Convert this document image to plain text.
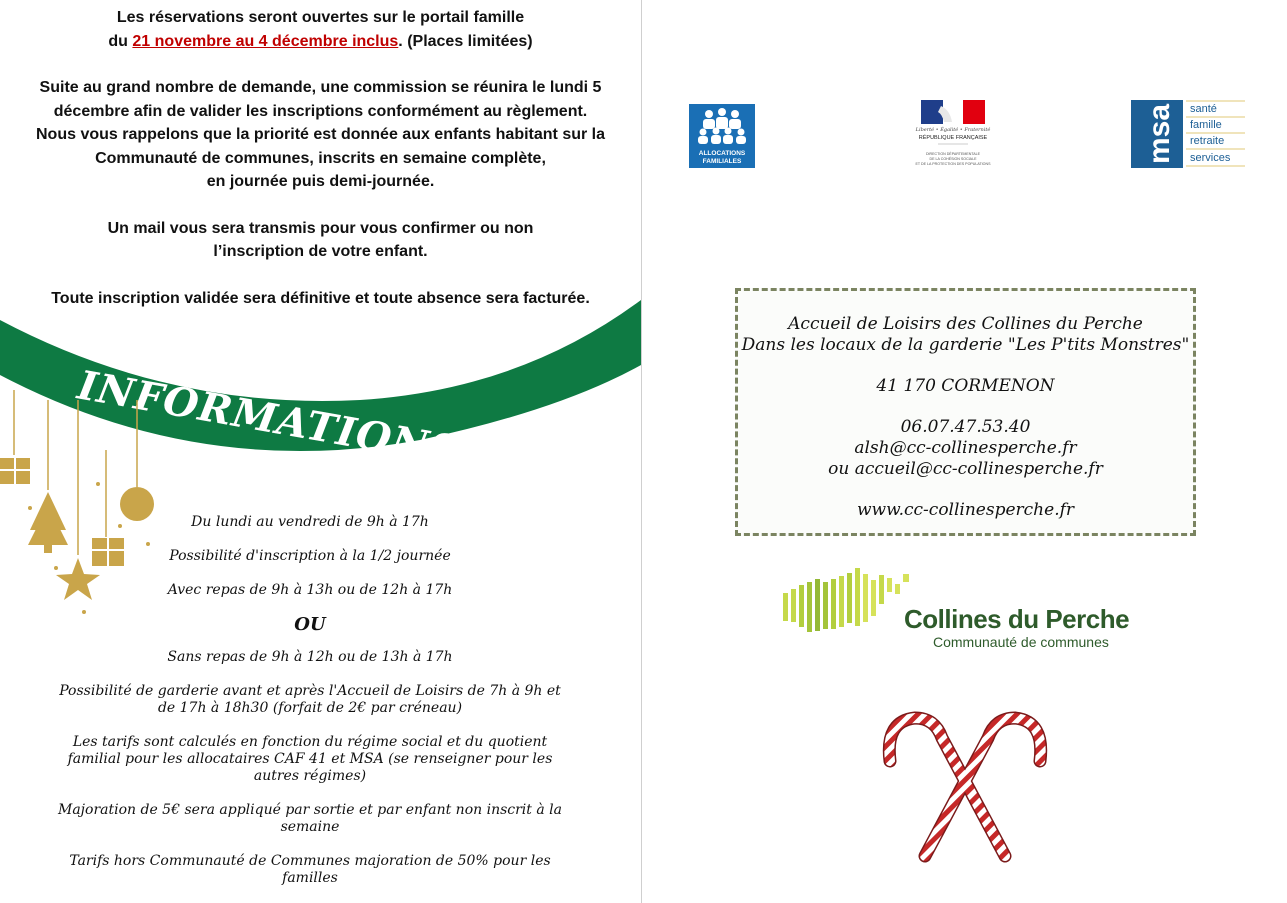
Les réservations seront ouvertes sur le portail famille

du 21 novembre au 4 décembre inclus. (Places limitées)

Suite au grand nombre de demande, une commission se réunira le lundi 5

décembre afin de valider les inscriptions conformément au règlement.

Nous vous rappelons que la priorité est donnée aux enfants habitant sur la

Communauté de communes, inscrits en semaine complète,

en journée puis demi-journée.

Un mail vous sera transmis pour vous confirmer ou non

l’inscription de votre enfant.

Toute inscription validée sera définitive et toute absence sera facturée.

INFORMATIONS
Du lundi au vendredi de 9h à 17h
Possibilité d'inscription à la 1/2 journée
Avec repas de 9h à 13h ou de 12h à 17h
OU
Sans repas de 9h à 12h ou de 13h à 17h
Possibilité de garderie avant et après l'Accueil de Loisirs de 7h à 9h et
de 17h à 18h30 (forfait de 2€ par créneau)
Les tarifs sont calculés en fonction du régime social et du quotient
familial pour les allocataires CAF 41 et MSA (se renseigner pour les
autres régimes)
Majoration de 5€ sera appliqué par sortie et par enfant non inscrit à la
semaine
Tarifs hors Communauté de Communes majoration de 50% pour les
familles
ALLOCATIONS
FAMILIALES
Liberté • Égalité • Fraternité
RÉPUBLIQUE FRANÇAISE
DIRECTION DÉPARTEMENTALE
DE LA COHÉSION SOCIALE
ET DE LA PROTECTION DES POPULATIONS	msa santé
famille
retraite
services
Accueil de Loisirs des Collines du Perche
Dans les locaux de la garderie "Les P'tits Monstres"
41 170 CORMENON
06.07.47.53.40
alsh@cc-collinesperche.fr
ou accueil@cc-collinesperche.fr
www.cc-collinesperche.fr
Collines du Perche
Communauté de communes
